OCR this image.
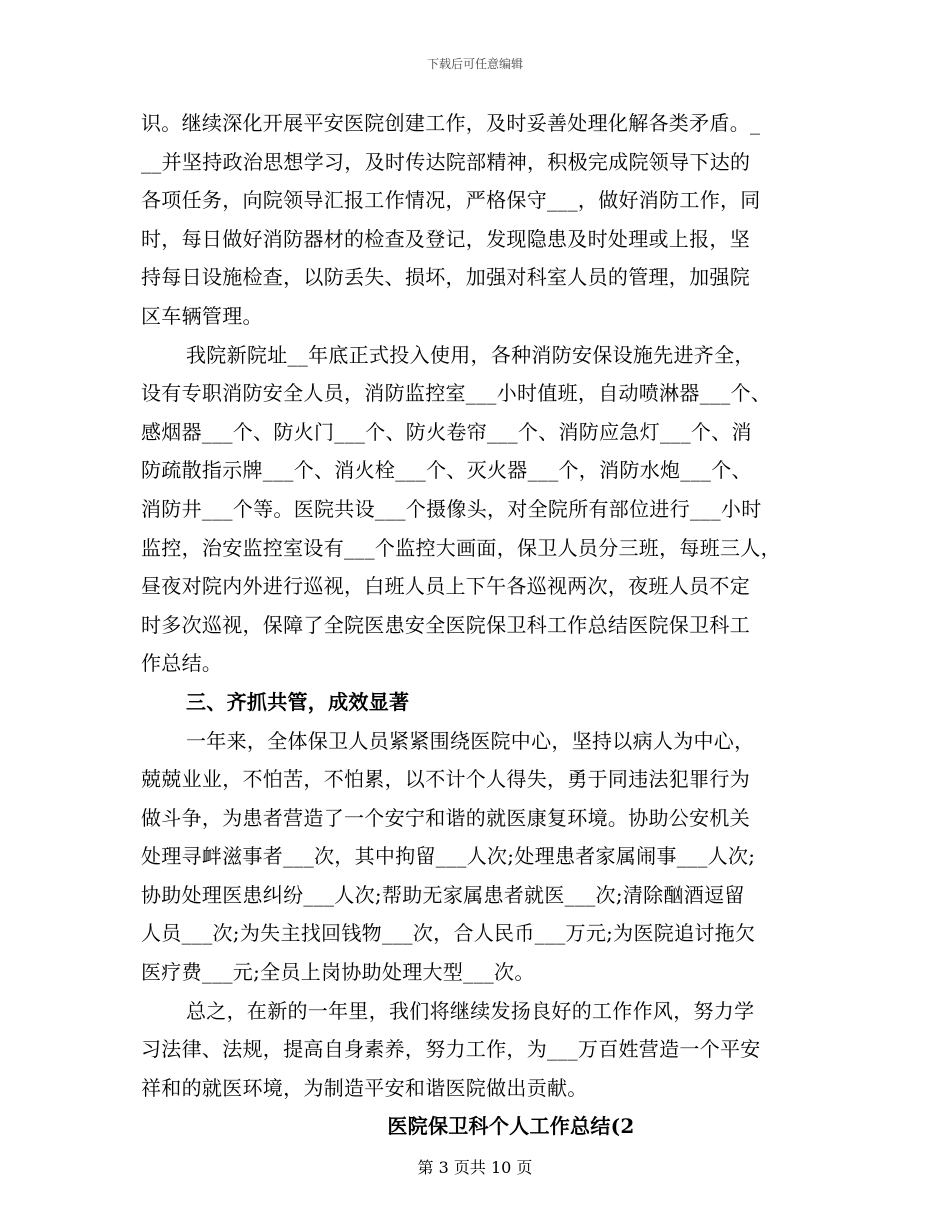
下载后可任意编辑
识。继续深化开展平安医院创建工作，及时妥善处理化解各类矛盾。_
__并坚持政治思想学习，及时传达院部精神，积极完成院领导下达的
各项任务，向院领导汇报工作情况，严格保守___，做好消防工作，同
时，每日做好消防器材的检查及登记，发现隐患及时处理或上报，坚
持每日设施检查，以防丢失、损坏，加强对科室人员的管理，加强院
区车辆管理。
我院新院址__年底正式投入使用，各种消防安保设施先进齐全，
设有专职消防安全人员，消防监控室___小时值班，自动喷淋器___个、
感烟器___个、防火门___个、防火卷帘___个、消防应急灯___个、消
防疏散指示牌___个、消火栓___个、灭火器___个，消防水炮___个、
消防井___个等。医院共设___个摄像头，对全院所有部位进行___小时
监控，治安监控室设有___个监控大画面，保卫人员分三班，每班三人，
昼夜对院内外进行巡视，白班人员上下午各巡视两次，夜班人员不定
时多次巡视，保障了全院医患安全医院保卫科工作总结医院保卫科工
作总结。
三、齐抓共管，成效显著
一年来，全体保卫人员紧紧围绕医院中心，坚持以病人为中心，
兢兢业业，不怕苦，不怕累，以不计个人得失，勇于同违法犯罪行为
做斗争，为患者营造了一个安宁和谐的就医康复环境。协助公安机关
处理寻衅滋事者___次，其中拘留___人次;处理患者家属闹事___人次;
协助处理医患纠纷___人次;帮助无家属患者就医___次;清除酗酒逗留
人员___次;为失主找回钱物___次，合人民币___万元;为医院追讨拖欠
医疗费___元;全员上岗协助处理大型___次。
总之，在新的一年里，我们将继续发扬良好的工作作风，努力学
习法律、法规，提高自身素养，努力工作，为___万百姓营造一个平安
祥和的就医环境，为制造平安和谐医院做出贡献。
医院保卫科个人工作总结(2
第 3 页共 10 页
